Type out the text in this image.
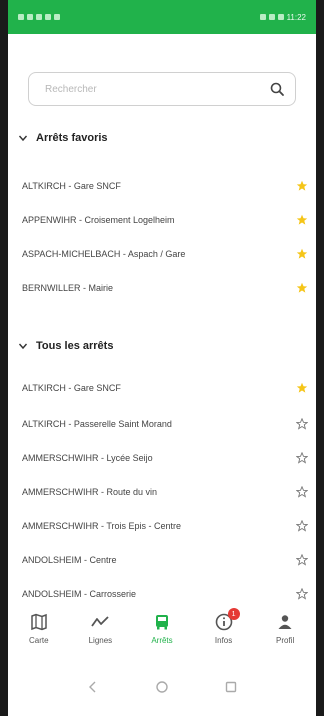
11:22
Rechercher
Arrêts favoris
ALTKIRCH - Gare SNCF
APPENWIHR - Croisement Logelheim
ASPACH-MICHELBACH - Aspach / Gare
BERNWILLER - Mairie
Tous les arrêts
ALTKIRCH - Gare SNCF
ALTKIRCH - Passerelle Saint Morand
AMMERSCHWIHR - Lycée Seijo
AMMERSCHWIHR - Route du vin
AMMERSCHWIHR - Trois Epis - Centre
ANDOLSHEIM - Centre
ANDOLSHEIM - Carrosserie
Carte	Lignes	Arrêts
1
Infos	Profil
